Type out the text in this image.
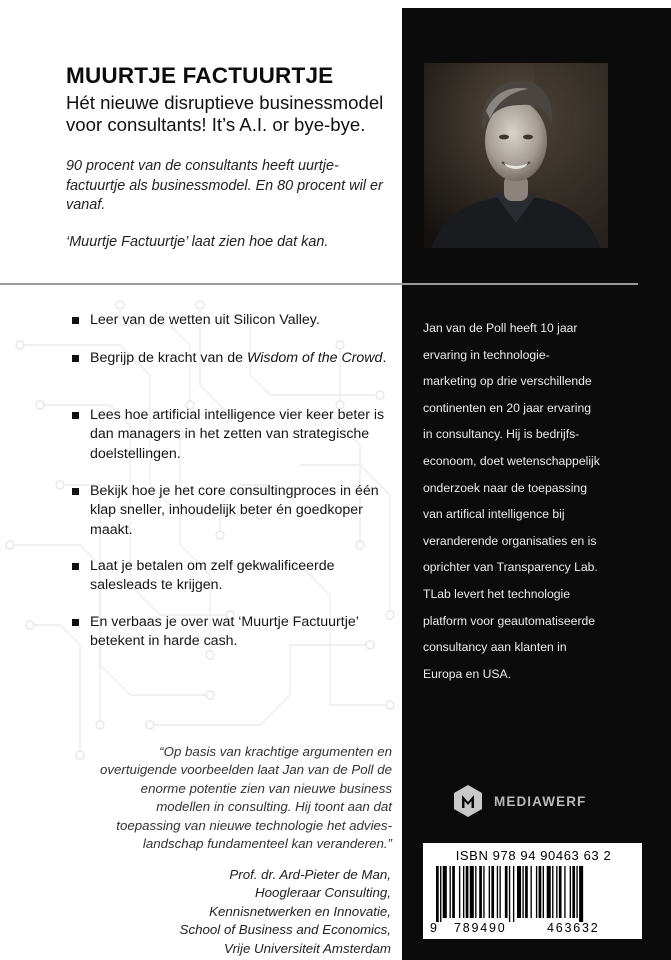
MUURTJE FACTUURTJE

Hét nieuwe disruptieve businessmodel voor consultants! It’s A.I. or bye-bye.

90 procent van de consultants heeft uurtje-factuurtje als businessmodel. En 80 procent wil er vanaf.

‘Muurtje Factuurtje’ laat zien hoe dat kan.

Leer van de wetten uit Silicon Valley.
Begrijp de kracht van de Wisdom of the Crowd.
Lees hoe artificial intelligence vier keer beter is dan managers in het zetten van strategische doelstellingen.
Bekijk hoe je het core consultingproces in één klap sneller, inhoudelijk beter én goedkoper maakt.
Laat je betalen om zelf gekwalificeerde salesleads te krijgen.
En verbaas je over wat ‘Muurtje Factuurtje’ betekent in harde cash.
Jan van de Poll heeft 10 jaar
ervaring in technologie-
marketing op drie verschillende
continenten en 20 jaar ervaring
in consultancy. Hij is bedrijfs-
econoom, doet wetenschappelijk
onderzoek naar de toepassing
van artifical intelligence bij
veranderende organisaties en is
oprichter van Transparency Lab.
TLab levert het technologie
platform voor geautomatiseerde
consultancy aan klanten in
Europa en USA.
MEDIAWERF

“Op basis van krachtige argumenten en overtuigende voorbeelden laat Jan van de Poll de enorme potentie zien van nieuwe business modellen in consulting. Hij toont aan dat toepassing van nieuwe technologie het advies-landschap fundamenteel kan veranderen.”

Prof. dr. Ard-Pieter de Man,
Hoogleraar Consulting,
Kennisnetwerken en Innovatie,
School of Business and Economics,
Vrije Universiteit Amsterdam
ISBN 978 94 90463 63 2
9 789490	463632
